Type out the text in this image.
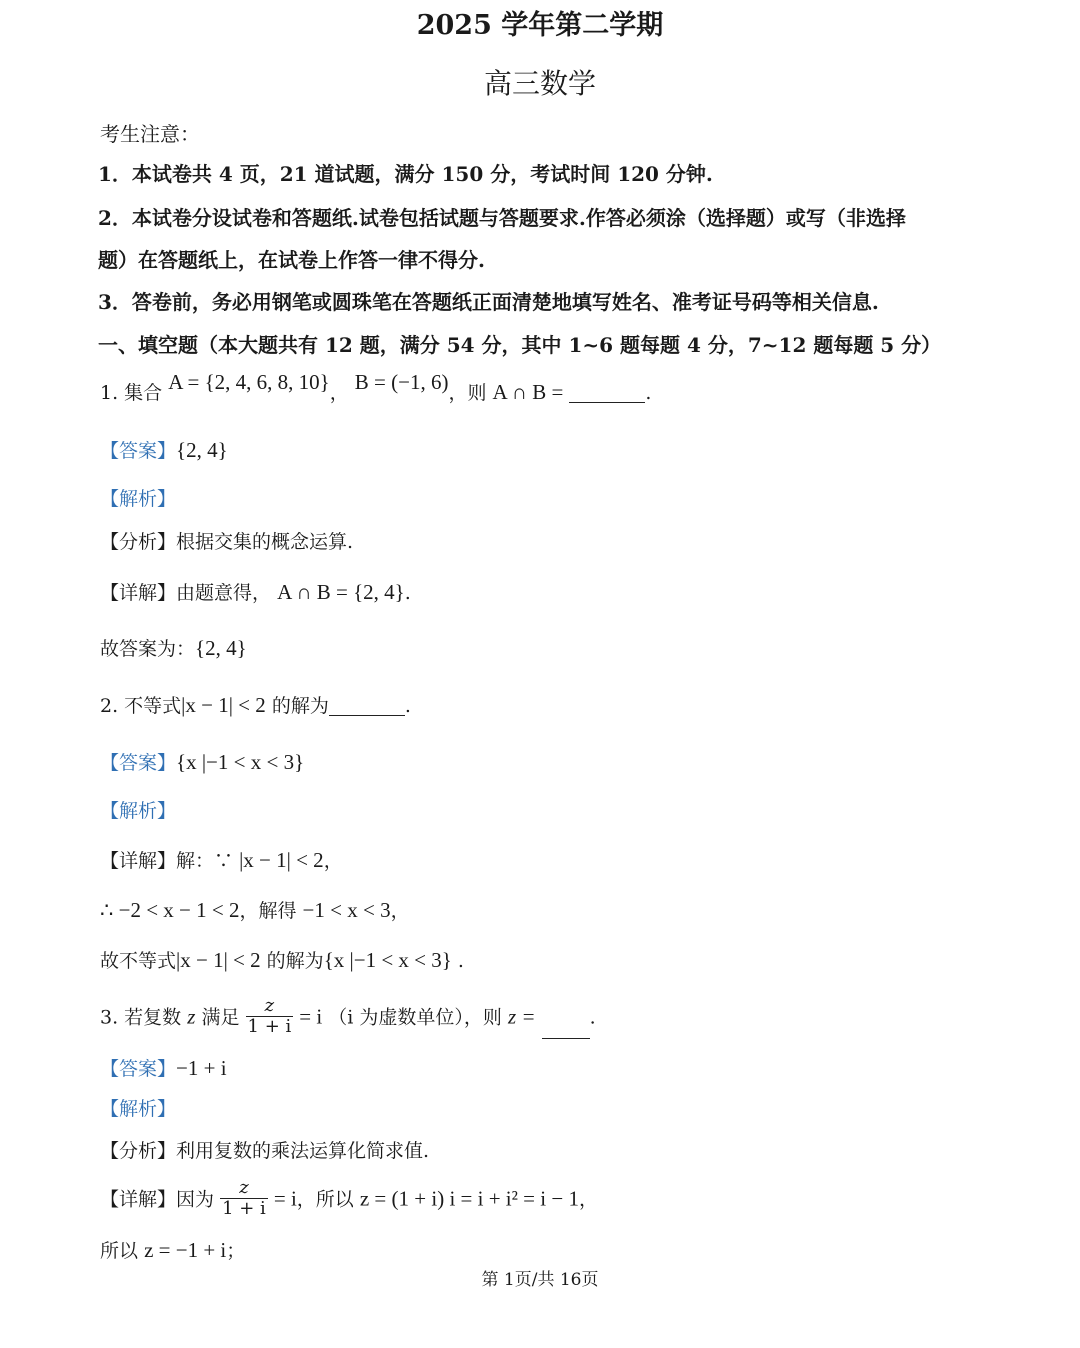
2025 学年第二学期
高三数学
考生注意：
1．本试卷共 4 页，21 道试题，满分 150 分，考试时间 120 分钟.
2．本试卷分设试卷和答题纸.试卷包括试题与答题要求.作答必须涂（选择题）或写（非选择
题）在答题纸上，在试卷上作答一律不得分.
3．答卷前，务必用钢笔或圆珠笔在答题纸正面清楚地填写姓名、准考证号码等相关信息.
一、填空题（本大题共有 12 题，满分 54 分，其中 1~6 题每题 4 分，7~12 题每题 5 分）
1. 集合 A = {2, 4, 6, 8, 10}， B = (−1, 6)，则 A ∩ B =	.
【答案】{2, 4}
【解析】
【分析】根据交集的概念运算.
【详解】由题意得， A ∩ B = {2, 4}.
故答案为：{2, 4}
2. 不等式|x − 1| < 2 的解为	.
【答案】{x |−1 < x < 3}
【解析】
【详解】解：∵ |x − 1| < 2，
∴ −2 < x − 1 < 2，解得 −1 < x < 3，
故不等式|x − 1| < 2 的解为{x |−1 < x < 3} .
3. 若复数 z 满足 $\frac{z}{1 + i} = i$ （i 为虚数单位），则 z =	.
【答案】−1 + i
【解析】
【分析】利用复数的乘法运算化简求值.
【详解】因为 $\frac{z}{1 + i} = i$，所以 z = (1 + i) i = i + i² = i − 1，
所以 z = −1 + i；
第 1页/共 16页
